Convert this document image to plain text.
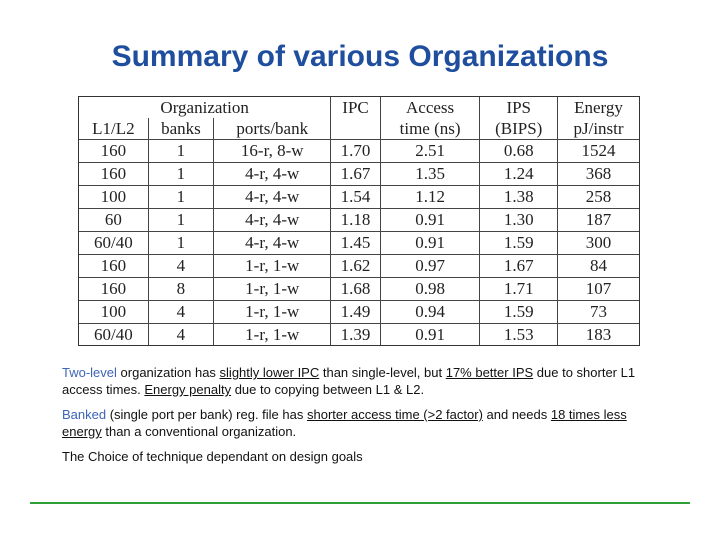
Summary of various Organizations
Organization			IPC	Access	IPS	Energy
L1/L2	banks	ports/bank		time (ns)	(BIPS)	pJ/instr
160	1	16-r, 8-w	1.70	2.51	0.68	1524
160	1	4-r, 4-w	1.67	1.35	1.24	368
100	1	4-r, 4-w	1.54	1.12	1.38	258
60	1	4-r, 4-w	1.18	0.91	1.30	187
60/40	1	4-r, 4-w	1.45	0.91	1.59	300
160	4	1-r, 1-w	1.62	0.97	1.67	84
160	8	1-r, 1-w	1.68	0.98	1.71	107
100	4	1-r, 1-w	1.49	0.94	1.59	73
60/40	4	1-r, 1-w	1.39	0.91	1.53	183
Two-level organization has slightly lower IPC than single-level, but 17% better IPS due to shorter L1 access times. Energy penalty due to copying between L1 & L2.
Banked (single port per bank) reg. file has shorter access time (>2 factor) and needs 18 times less energy than a conventional organization.
The Choice of technique dependant on design goals
